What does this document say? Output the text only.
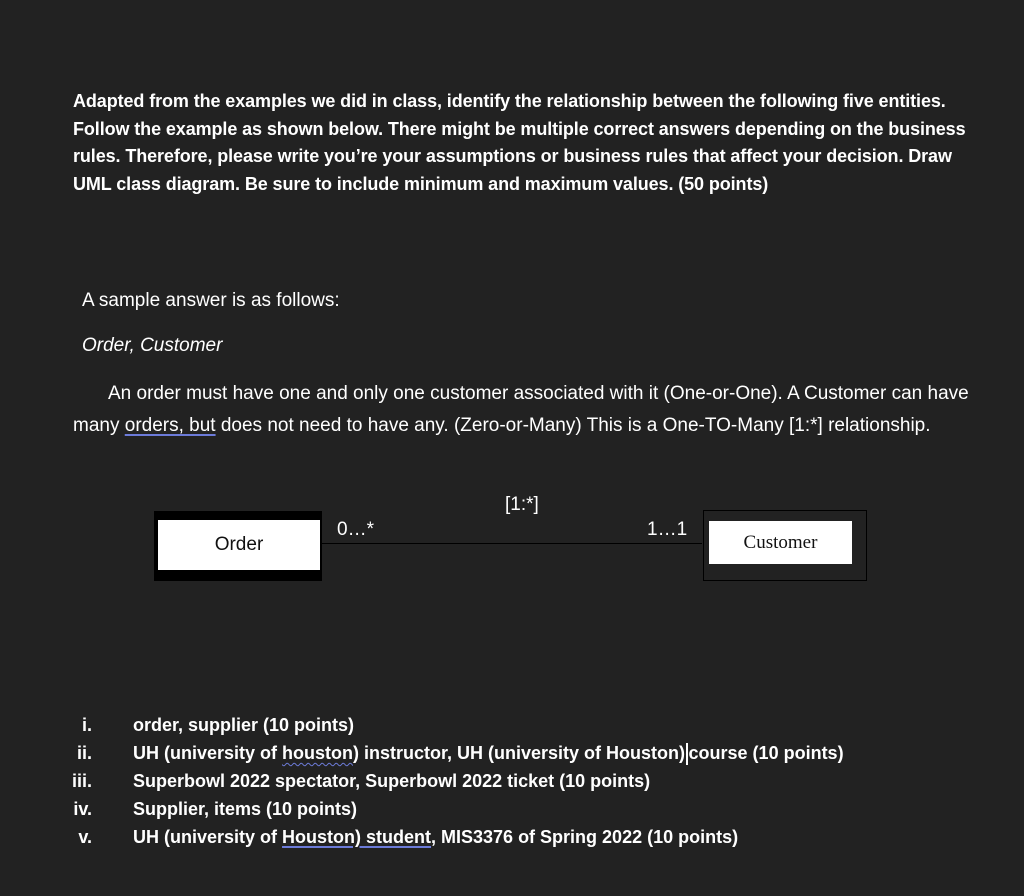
Adapted from the examples we did in class, identify the relationship between the following five entities. Follow the example as shown below. There might be multiple correct answers depending on the business rules. Therefore, please write you’re your assumptions or business rules that affect your decision. Draw UML class diagram. Be sure to include minimum and maximum values. (50 points)
A sample answer is as follows:
Order, Customer
An order must have one and only one customer associated with it (One-or-One). A Customer can have many orders, but does not need to have any. (Zero-or-Many) This is a One-TO-Many [1:*] relationship.
[1:*]
Order
0…*	1…1
Customer
i.	order, supplier (10 points)
ii.	UH (university of houston) instructor, UH (university of Houston) course (10 points)
iii.	Superbowl 2022 spectator, Superbowl 2022 ticket (10 points)
iv.	Supplier, items (10 points)
v.	UH (university of Houston) student, MIS3376 of Spring 2022 (10 points)
